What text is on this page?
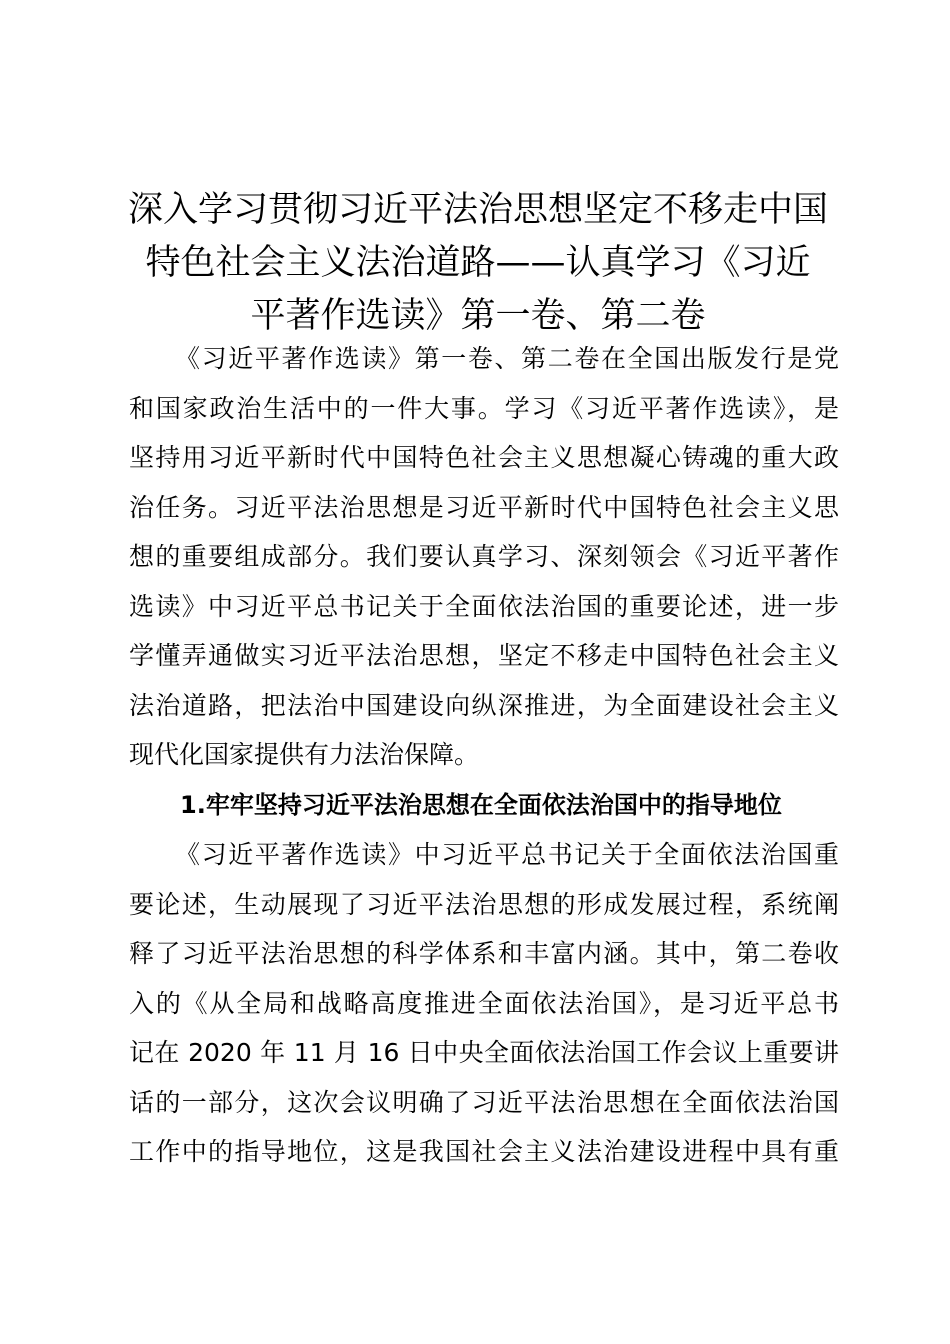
深入学习贯彻习近平法治思想坚定不移走中国
特色社会主义法治道路——认真学习《习近
平著作选读》第一卷、第二卷
《习近平著作选读》第一卷、第二卷在全国出版发行是党
和国家政治生活中的一件大事。学习《习近平著作选读》，是
坚持用习近平新时代中国特色社会主义思想凝心铸魂的重大政
治任务。习近平法治思想是习近平新时代中国特色社会主义思
想的重要组成部分。我们要认真学习、深刻领会《习近平著作
选读》中习近平总书记关于全面依法治国的重要论述，进一步
学懂弄通做实习近平法治思想，坚定不移走中国特色社会主义
法治道路，把法治中国建设向纵深推进，为全面建设社会主义
现代化国家提供有力法治保障。
1.牢牢坚持习近平法治思想在全面依法治国中的指导地位
《习近平著作选读》中习近平总书记关于全面依法治国重
要论述，生动展现了习近平法治思想的形成发展过程，系统阐
释了习近平法治思想的科学体系和丰富内涵。其中，第二卷收
入的《从全局和战略高度推进全面依法治国》，是习近平总书
记在 2020 年 11 月 16 日中央全面依法治国工作会议上重要讲
话的一部分，这次会议明确了习近平法治思想在全面依法治国
工作中的指导地位，这是我国社会主义法治建设进程中具有重
